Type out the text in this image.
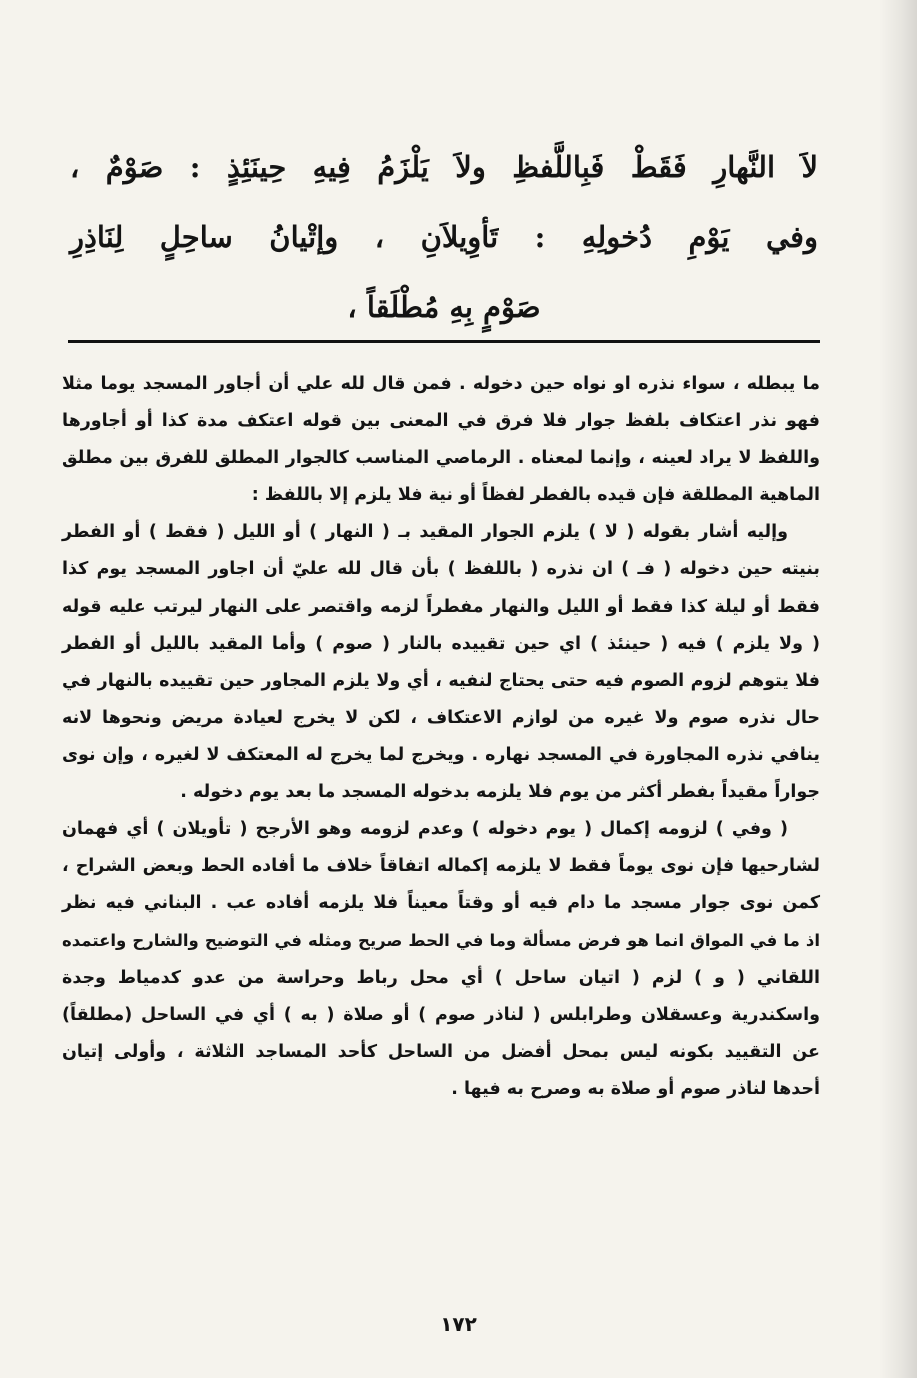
لاَ النَّهارِ فَقَطْ فَبِاللَّفظِ ولاَ يَلْزَمُ فِيهِ حِينَئِذٍ : صَوْمٌ ،
وفي يَوْمِ دُخولِهِ : تَأوِيلاَنِ ، وإتْيانُ ساحِلٍ لِنَاذِرِ
صَوْمٍ بِهِ مُطْلَقاً ،
ما يبطله ، سواء نذره او نواه حين دخوله . فمن قال لله علي أن أجاور المسجد يوما مثلا
فهو نذر اعتكاف بلفظ جوار فلا فرق في المعنى بين قوله اعتكف مدة كذا أو أجاورها
واللفظ لا يراد لعينه ، وإنما لمعناه . الرماصي المناسب كالجوار المطلق للفرق بين مطلق
الماهية المطلقة فإن قيده بالفطر لفظاً أو نية فلا يلزم إلا باللفظ :
وإليه أشار بقوله ( لا ) يلزم الجوار المقيد بـ ( النهار ) أو الليل ( فقط ) أو الفطر
بنيته حين دخوله ( فـ ) ان نذره ( باللفظ ) بأن قال لله عليّ أن اجاور المسجد يوم كذا
فقط أو ليلة كذا فقط أو الليل والنهار مفطراً لزمه واقتصر على النهار ليرتب عليه قوله
( ولا يلزم ) فيه ( حينئذ ) اي حين تقييده بالنار ( صوم ) وأما المقيد بالليل أو الفطر
فلا يتوهم لزوم الصوم فيه حتى يحتاج لنفيه ، أي ولا يلزم المجاور حين تقييده بالنهار في
حال نذره صوم ولا غيره من لوازم الاعتكاف ، لكن لا يخرج لعيادة مريض ونحوها لانه
ينافي نذره المجاورة في المسجد نهاره . ويخرج لما يخرج له المعتكف لا لغيره ، وإن نوى
جواراً مقيداً بفطر أكثر من يوم فلا يلزمه بدخوله المسجد ما بعد يوم دخوله .
( وفي ) لزومه إكمال ( يوم دخوله ) وعدم لزومه وهو الأرجح ( تأويلان ) أي فهمان
لشارحيها فإن نوى يوماً فقط لا يلزمه إكماله اتفاقاً خلاف ما أفاده الحط وبعض الشراح ،
كمن نوى جوار مسجد ما دام فيه أو وقتاً معيناً فلا يلزمه أفاده عب . البناني فيه نظر
اذ ما في المواق انما هو فرض مسألة وما في الحط صريح ومثله في التوضيح والشارح واعتمده
اللقاني ( و ) لزم ( اتيان ساحل ) أي محل رباط وحراسة من عدو كدمياط وجدة
واسكندرية وعسقلان وطرابلس ( لناذر صوم ) أو صلاة ( به ) أي في الساحل (مطلقاً)
عن التقييد بكونه ليس بمحل أفضل من الساحل كأحد المساجد الثلاثة ، وأولى إتيان
أحدها لناذر صوم أو صلاة به وصرح به فيها .
١٧٢
